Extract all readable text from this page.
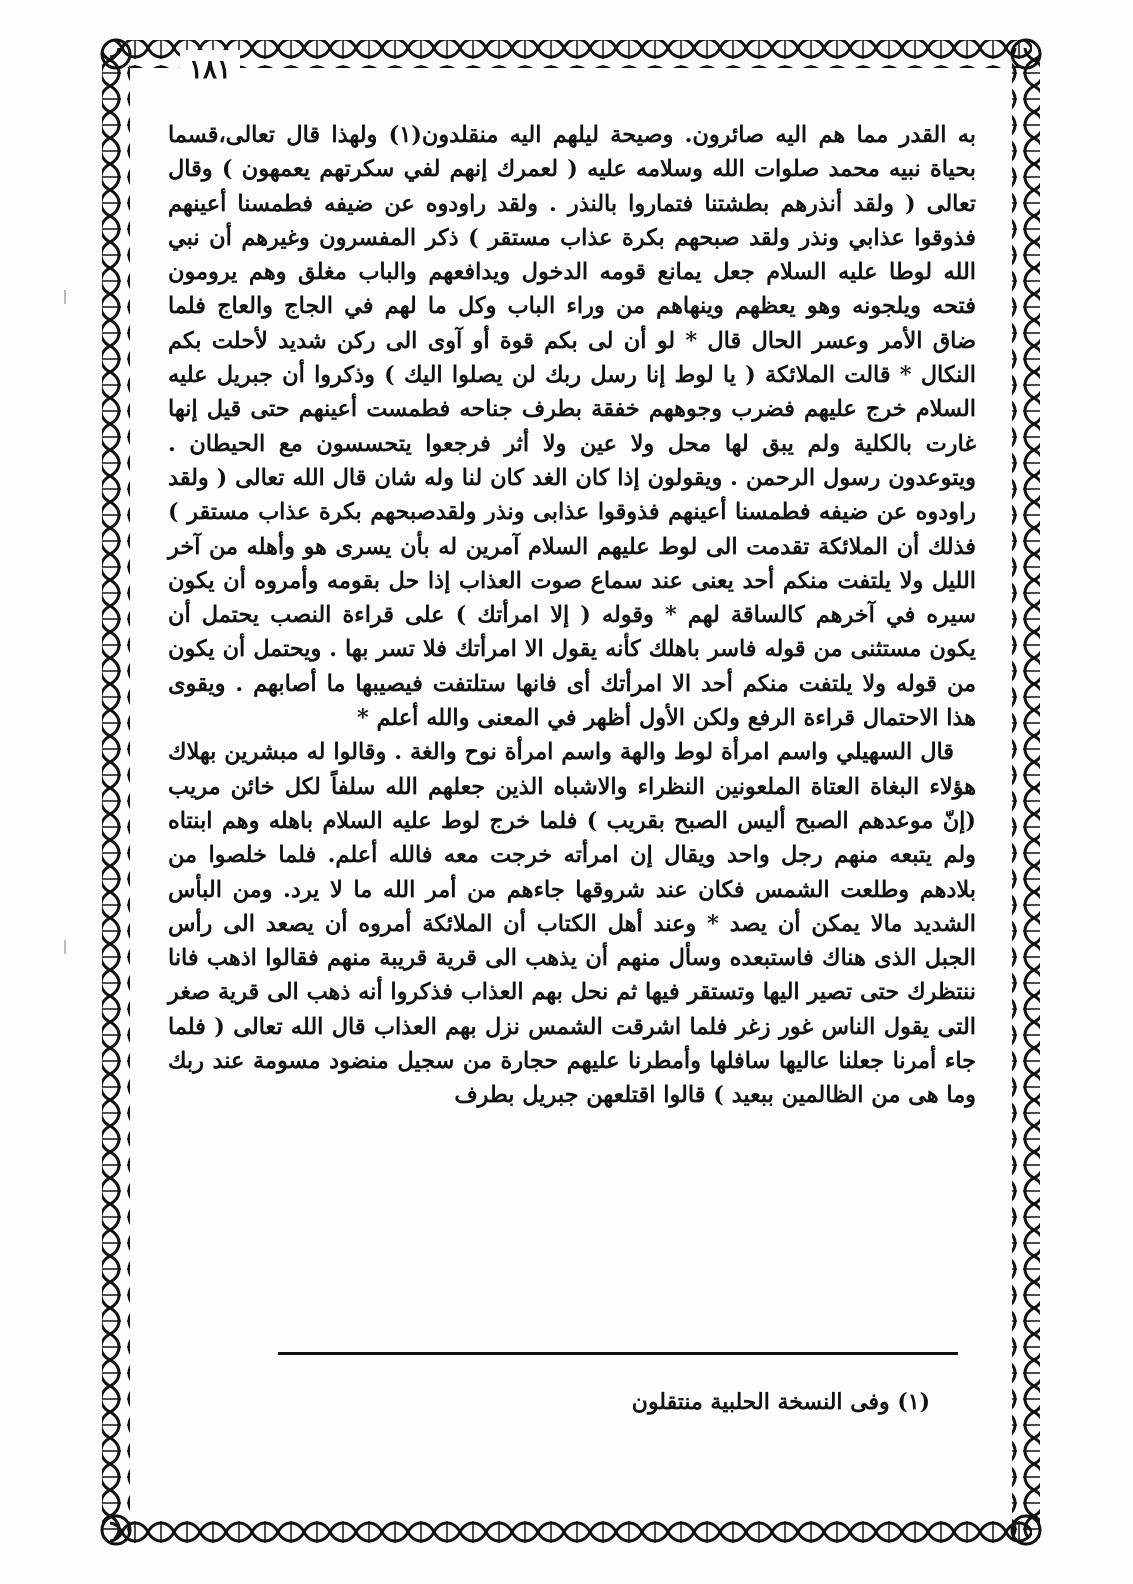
١٨١

به القدر مما هم اليه صائرون. وصيحة ليلهم اليه منقلدون(١) ولهذا قال تعالى،قسما بحياة نبيه محمد صلوات الله وسلامه عليه ( لعمرك إنهم لفي سكرتهم يعمهون ) وقال تعالى ( ولقد أنذرهم بطشتنا فتماروا بالنذر . ولقد راودوه عن ضيفه فطمسنا أعينهم فذوقوا عذابي ونذر ولقد صبحهم بكرة عذاب مستقر ) ذكر المفسرون وغيرهم أن نبي الله لوطا عليه السلام جعل يمانع قومه الدخول ويدافعهم والباب مغلق وهم يرومون فتحه ويلجونه وهو يعظهم وينهاهم من وراء الباب وكل ما لهم في الجاج والعاج فلما ضاق الأمر وعسر الحال قال * لو أن لى بكم قوة أو آوى الى ركن شديد لأحلت بكم النكال * قالت الملائكة ( يا لوط إنا رسل ربك لن يصلوا اليك ) وذكروا أن جبريل عليه السلام خرج عليهم فضرب وجوههم خفقة بطرف جناحه فطمست أعينهم حتى قيل إنها غارت بالكلية ولم يبق لها محل ولا عين ولا أثر فرجعوا يتحسسون مع الحيطان . ويتوعدون رسول الرحمن . ويقولون إذا كان الغد كان لنا وله شان قال الله تعالى ( ولقد راودوه عن ضيفه فطمسنا أعينهم فذوقوا عذابى ونذر ولقدصبحهم بكرة عذاب مستقر ) فذلك أن الملائكة تقدمت الى لوط عليهم السلام آمرين له بأن يسرى هو وأهله من آخر الليل ولا يلتفت منكم أحد يعنى عند سماع صوت العذاب إذا حل بقومه وأمروه أن يكون سيره في آخرهم كالساقة لهم * وقوله ( إلا امرأتك ) على قراءة النصب يحتمل أن يكون مستثنى من قوله فاسر باهلك كأنه يقول الا امرأتك فلا تسر بها . ويحتمل أن يكون من قوله ولا يلتفت منكم أحد الا امرأتك أى فانها ستلتفت فيصيبها ما أصابهم . ويقوى هذا الاحتمال قراءة الرفع ولكن الأول أظهر في المعنى والله أعلم *

قال السهيلي واسم امرأة لوط والهة واسم امرأة نوح والغة . وقالوا له مبشرين بهلاك هؤلاء البغاة العتاة الملعونين النظراء والاشباه الذين جعلهم الله سلفاً لكل خائن مريب (إنّ موعدهم الصبح أليس الصبح بقريب ) فلما خرج لوط عليه السلام باهله وهم ابنتاه ولم يتبعه منهم رجل واحد ويقال إن امرأته خرجت معه فالله أعلم. فلما خلصوا من بلادهم وطلعت الشمس فكان عند شروقها جاءهم من أمر الله ما لا يرد. ومن البأس الشديد مالا يمكن أن يصد * وعند أهل الكتاب أن الملائكة أمروه أن يصعد الى رأس الجبل الذى هناك فاستبعده وسأل منهم أن يذهب الى قرية قريبة منهم فقالوا اذهب فانا ننتظرك حتى تصير اليها وتستقر فيها ثم نحل بهم العذاب فذكروا أنه ذهب الى قرية صغر التى يقول الناس غور زغر فلما اشرقت الشمس نزل بهم العذاب قال الله تعالى ( فلما جاء أمرنا جعلنا عاليها سافلها وأمطرنا عليهم حجارة من سجيل منضود مسومة عند ربك وما هى من الظالمين ببعيد ) قالوا اقتلعهن جبريل بطرف

(١) وفى النسخة الحلبية منتقلون
